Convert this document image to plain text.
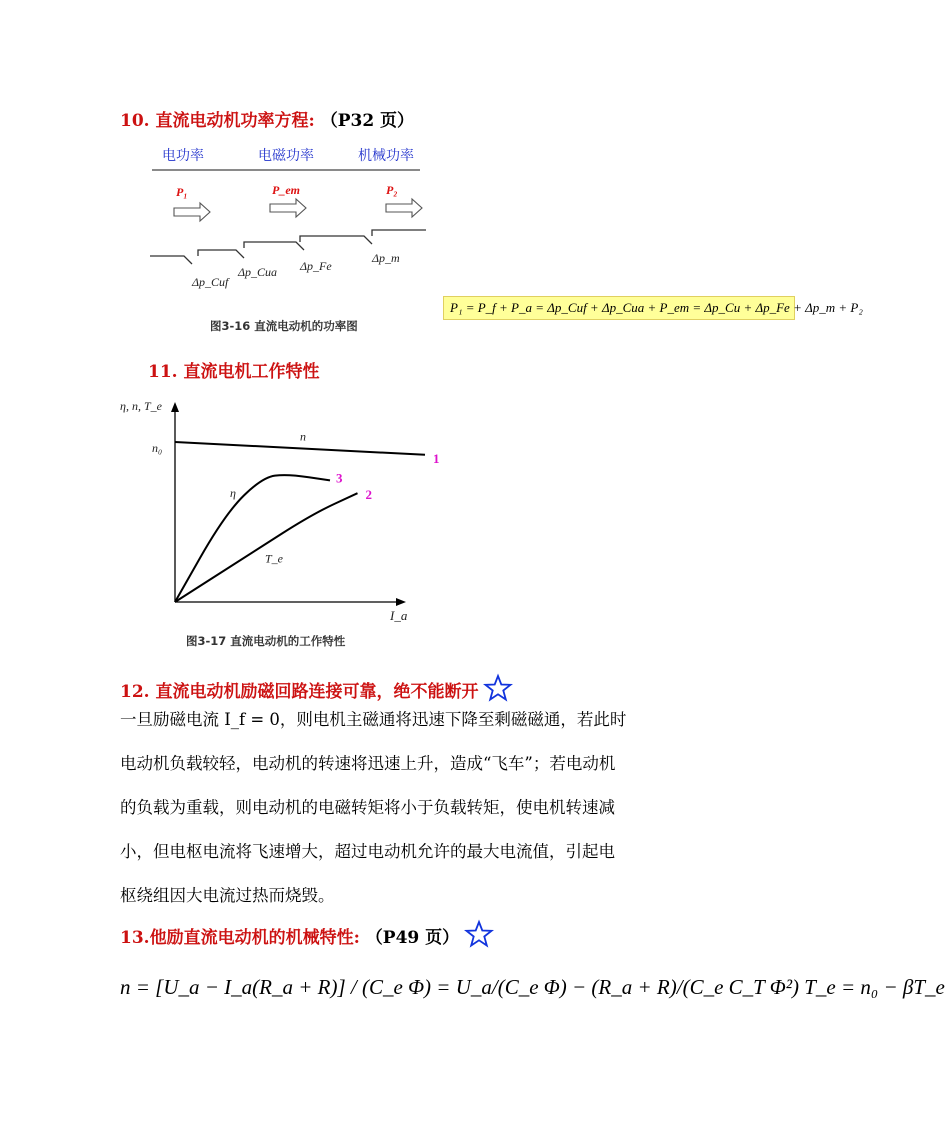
10. 直流电动机功率方程: （P32 页）
电功率	电磁功率	机械功率
P₁	P_em	P₂
Δp_Cuf
Δp_Cua Δp_Fe
Δp_m
图3-16 直流电动机的功率图
P₁ = P_f + P_a = Δp_Cuf + Δp_Cua + P_em = Δp_Cu + Δp_Fe + Δp_m + P₂
11. 直流电机工作特性
η, n, T_e
n₀
I_a
1
n
3
η	2
T_e
图3-17 直流电动机的工作特性
12. 直流电动机励磁回路连接可靠，绝不能断开
一旦励磁电流 I_f = 0，则电机主磁通将迅速下降至剩磁磁通，若此时
电动机负载较轻，电动机的转速将迅速上升，造成“飞车”；若电动机
的负载为重载，则电动机的电磁转矩将小于负载转矩，使电机转速减
小，但电枢电流将飞速增大，超过电动机允许的最大电流值，引起电
枢绕组因大电流过热而烧毁。
13.他励直流电动机的机械特性: （P49 页）
n = [U_a − I_a(R_a + R)] / (C_e Φ) = U_a/(C_e Φ) − (R_a + R)/(C_e C_T Φ²) T_e = n₀ − βT_e
